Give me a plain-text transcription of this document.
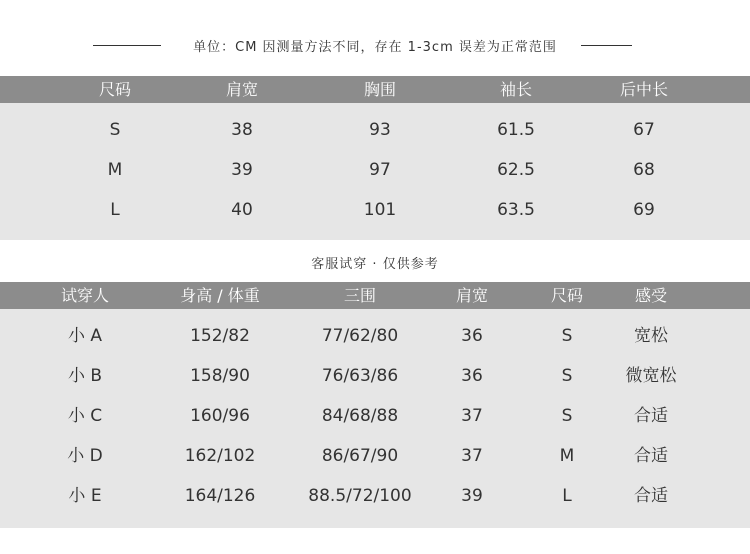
单位：CM 因测量方法不同，存在 1-3cm 误差为正常范围
尺码	肩宽	胸围	袖长	后中长
S	38	93	61.5	67
M	39	97	62.5	68
L	40	101	63.5	69
客服试穿 · 仅供参考
试穿人	身高 / 体重	三围	肩宽	尺码	感受
小 A	152/82	77/62/80	36	S	宽松
小 B	158/90	76/63/86	36	S	微宽松
小 C	160/96	84/68/88	37	S	合适
小 D	162/102	86/67/90	37	M	合适
小 E	164/126	88.5/72/100	39	L	合适
